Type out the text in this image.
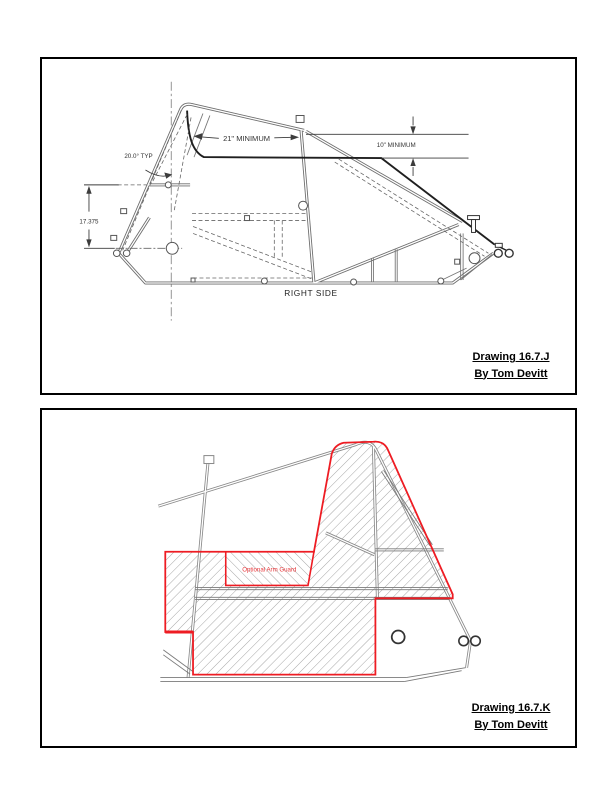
20.0° TYP
17.375
21" MINIMUM
10" MINIMUM
RIGHT SIDE
Drawing 16.7.J
By Tom Devitt
Optional Arm Guard
Drawing 16.7.K
By Tom Devitt
